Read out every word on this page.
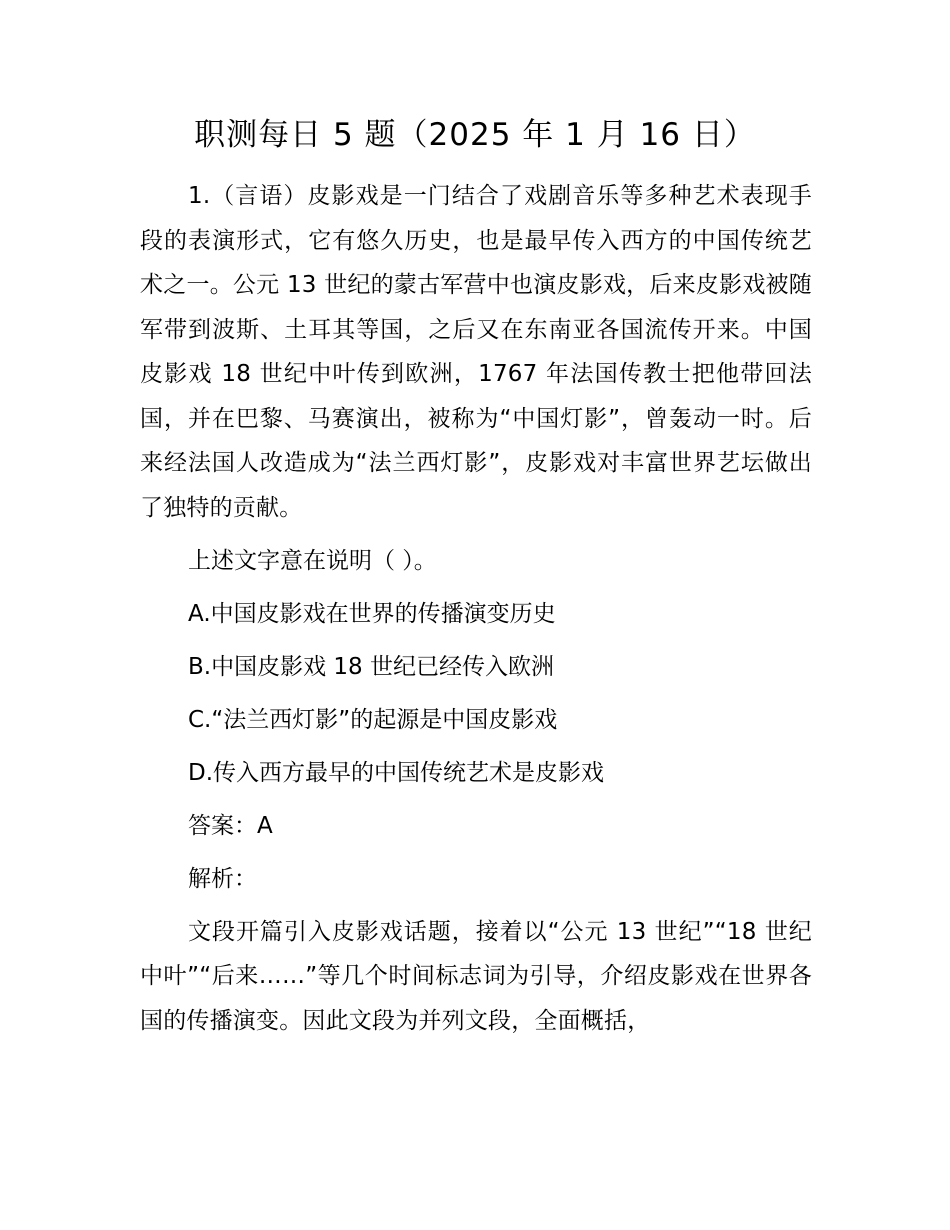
职测每日 5 题（2025 年 1 月 16 日）

1.（言语）皮影戏是一门结合了戏剧音乐等多种艺术表现手段的表演形式，它有悠久历史，也是最早传入西方的中国传统艺术之一。公元 13 世纪的蒙古军营中也演皮影戏，后来皮影戏被随军带到波斯、土耳其等国，之后又在东南亚各国流传开来。中国皮影戏 18 世纪中叶传到欧洲，1767 年法国传教士把他带回法国，并在巴黎、马赛演出，被称为“中国灯影”，曾轰动一时。后来经法国人改造成为“法兰西灯影”，皮影戏对丰富世界艺坛做出了独特的贡献。

上述文字意在说明（ ）。

A.中国皮影戏在世界的传播演变历史

B.中国皮影戏 18 世纪已经传入欧洲

C.“法兰西灯影”的起源是中国皮影戏

D.传入西方最早的中国传统艺术是皮影戏

答案：A

解析：

文段开篇引入皮影戏话题，接着以“公元 13 世纪”“18 世纪中叶”“后来……”等几个时间标志词为引导，介绍皮影戏在世界各国的传播演变。因此文段为并列文段，全面概括，
